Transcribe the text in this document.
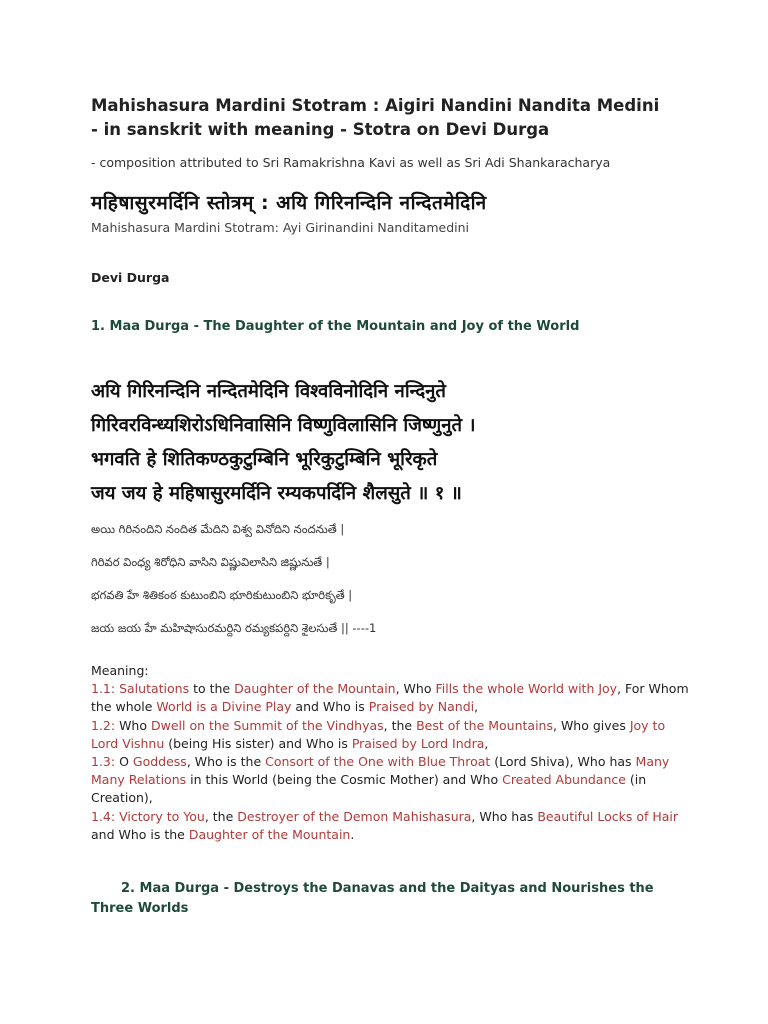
Mahishasura Mardini Stotram : Aigiri Nandini Nandita Medini
- in sanskrit with meaning - Stotra on Devi Durga
- composition attributed to Sri Ramakrishna Kavi as well as Sri Adi Shankaracharya
महिषासुरमर्दिनि स्तोत्रम् : अयि गिरिनन्दिनि नन्दितमेदिनि
Mahishasura Mardini Stotram: Ayi Girinandini Nanditamedini
Devi Durga
1. Maa Durga - The Daughter of the Mountain and Joy of the World
अयि गिरिनन्दिनि नन्दितमेदिनि विश्वविनोदिनि नन्दिनुते
गिरिवरविन्ध्यशिरोऽधिनिवासिनि विष्णुविलासिनि जिष्णुनुते ।
भगवति हे शितिकण्ठकुटुम्बिनि भूरिकुटुम्बिनि भूरिकृते
जय जय हे महिषासुरमर्दिनि रम्यकपर्दिनि शैलसुते ॥ १ ॥
అయి గిరినందిని నందిత మేదిని విశ్వ వినోదిని నందనుతే |
గిరివర వింధ్య శిరోధిని వాసిని విష్ణువిలాసిని జిష్ణునుతే |
భగవతి హే శితికంఠ కుటుంబిని భూరికుటుంబిని భూరికృతే |
జయ జయ హే మహిషాసురమర్దిని రమ్యకపర్దిని శైలసుతే || ----1
Meaning:
1.1: Salutations to the Daughter of the Mountain, Who Fills the whole World with Joy, For Whom the whole World is a Divine Play and Who is Praised by Nandi,
1.2: Who Dwell on the Summit of the Vindhyas, the Best of the Mountains, Who gives Joy to Lord Vishnu (being His sister) and Who is Praised by Lord Indra,
1.3: O Goddess, Who is the Consort of the One with Blue Throat (Lord Shiva), Who has Many Many Relations in this World (being the Cosmic Mother) and Who Created Abundance (in Creation),
1.4: Victory to You, the Destroyer of the Demon Mahishasura, Who has Beautiful Locks of Hair and Who is the Daughter of the Mountain.
2. Maa Durga - Destroys the Danavas and the Daityas and Nourishes the
Three Worlds
